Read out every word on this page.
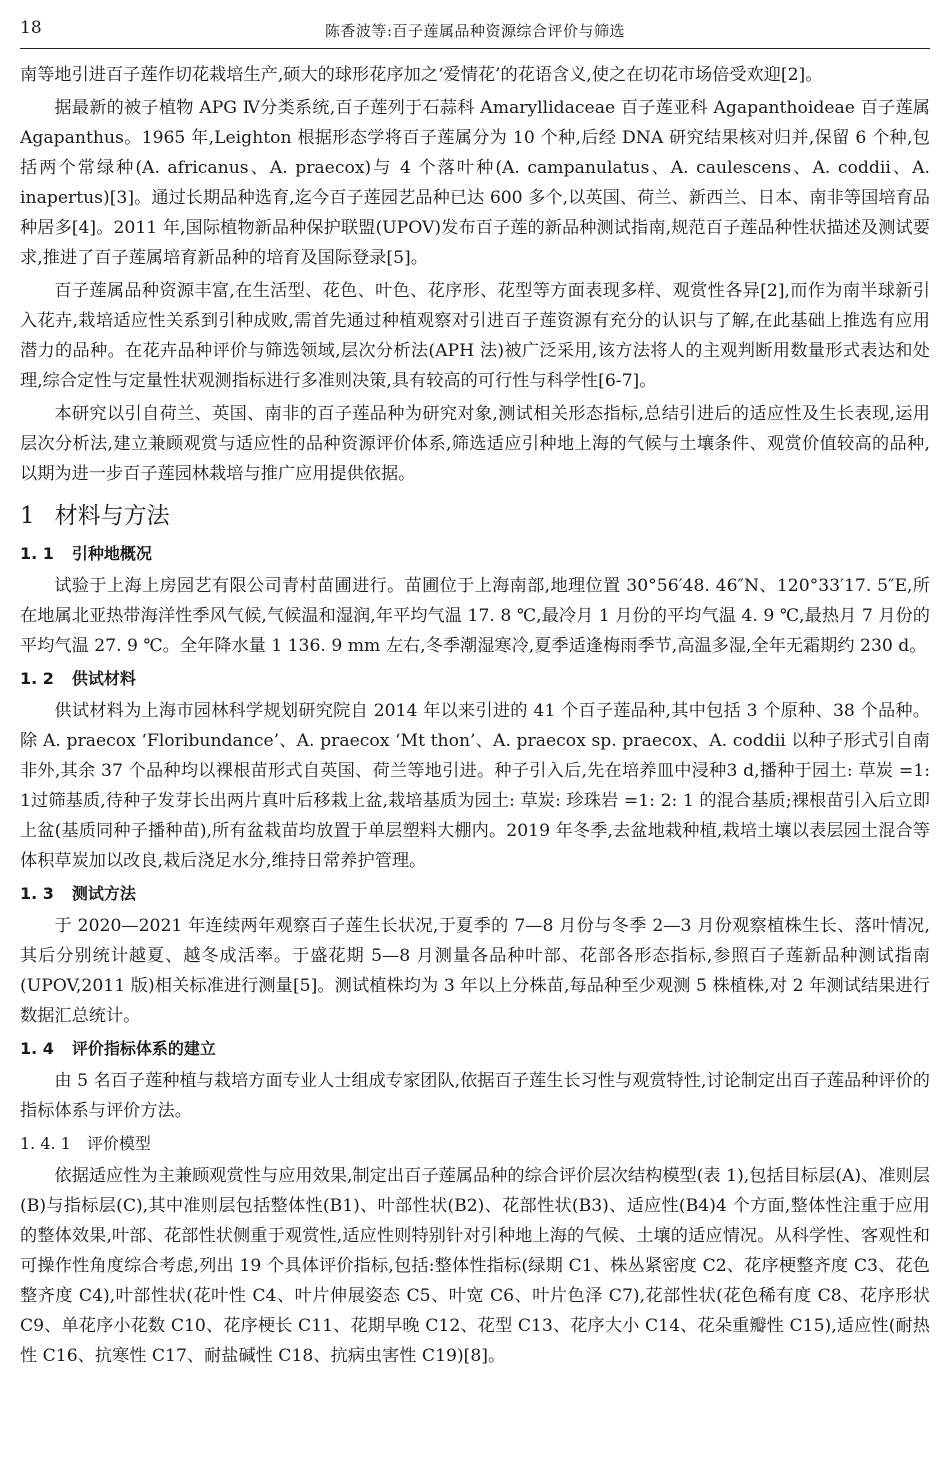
18	陈香波等:百子莲属品种资源综合评价与筛选

南等地引进百子莲作切花栽培生产,硕大的球形花序加之‘爱情花’的花语含义,使之在切花市场倍受欢迎[2]。

据最新的被子植物 APG Ⅳ分类系统,百子莲列于石蒜科 Amaryllidaceae 百子莲亚科 Agapanthoideae 百子莲属 Agapanthus。1965 年,Leighton 根据形态学将百子莲属分为 10 个种,后经 DNA 研究结果核对归并,保留 6 个种,包括两个常绿种(A. africanus、A. praecox)与 4 个落叶种(A. campanulatus、A. caulescens、A. coddii、A. inapertus)[3]。通过长期品种选育,迄今百子莲园艺品种已达 600 多个,以英国、荷兰、新西兰、日本、南非等国培育品种居多[4]。2011 年,国际植物新品种保护联盟(UPOV)发布百子莲的新品种测试指南,规范百子莲品种性状描述及测试要求,推进了百子莲属培育新品种的培育及国际登录[5]。

百子莲属品种资源丰富,在生活型、花色、叶色、花序形、花型等方面表现多样、观赏性各异[2],而作为南半球新引入花卉,栽培适应性关系到引种成败,需首先通过种植观察对引进百子莲资源有充分的认识与了解,在此基础上推选有应用潜力的品种。在花卉品种评价与筛选领域,层次分析法(APH 法)被广泛采用,该方法将人的主观判断用数量形式表达和处理,综合定性与定量性状观测指标进行多准则决策,具有较高的可行性与科学性[6-7]。

本研究以引自荷兰、英国、南非的百子莲品种为研究对象,测试相关形态指标,总结引进后的适应性及生长表现,运用层次分析法,建立兼顾观赏与适应性的品种资源评价体系,筛选适应引种地上海的气候与土壤条件、观赏价值较高的品种,以期为进一步百子莲园林栽培与推广应用提供依据。

1 材料与方法
1. 1 引种地概况

试验于上海上房园艺有限公司青村苗圃进行。苗圃位于上海南部,地理位置 30°56′48. 46″N、120°33′17. 5″E,所在地属北亚热带海洋性季风气候,气候温和湿润,年平均气温 17. 8 ℃,最冷月 1 月份的平均气温 4. 9 ℃,最热月 7 月份的平均气温 27. 9 ℃。全年降水量 1 136. 9 mm 左右,冬季潮湿寒冷,夏季适逢梅雨季节,高温多湿,全年无霜期约 230 d。

1. 2 供试材料

供试材料为上海市园林科学规划研究院自 2014 年以来引进的 41 个百子莲品种,其中包括 3 个原种、38 个品种。除 A. praecox ‘Floribundance’、A. praecox ‘Mt thon’、A. praecox sp. praecox、A. coddii 以种子形式引自南非外,其余 37 个品种均以裸根苗形式自英国、荷兰等地引进。种子引入后,先在培养皿中浸种3 d,播种于园土: 草炭 =1: 1过筛基质,待种子发芽长出两片真叶后移栽上盆,栽培基质为园土: 草炭: 珍珠岩 =1: 2: 1 的混合基质;裸根苗引入后立即上盆(基质同种子播种苗),所有盆栽苗均放置于单层塑料大棚内。2019 年冬季,去盆地栽种植,栽培土壤以表层园土混合等体积草炭加以改良,栽后浇足水分,维持日常养护管理。

1. 3 测试方法

于 2020—2021 年连续两年观察百子莲生长状况,于夏季的 7—8 月份与冬季 2—3 月份观察植株生长、落叶情况,其后分别统计越夏、越冬成活率。于盛花期 5—8 月测量各品种叶部、花部各形态指标,参照百子莲新品种测试指南(UPOV,2011 版)相关标准进行测量[5]。测试植株均为 3 年以上分株苗,每品种至少观测 5 株植株,对 2 年测试结果进行数据汇总统计。

1. 4 评价指标体系的建立

由 5 名百子莲种植与栽培方面专业人士组成专家团队,依据百子莲生长习性与观赏特性,讨论制定出百子莲品种评价的指标体系与评价方法。

1. 4. 1 评价模型

依据适应性为主兼顾观赏性与应用效果,制定出百子莲属品种的综合评价层次结构模型(表 1),包括目标层(A)、准则层(B)与指标层(C),其中准则层包括整体性(B1)、叶部性状(B2)、花部性状(B3)、适应性(B4)4 个方面,整体性注重于应用的整体效果,叶部、花部性状侧重于观赏性,适应性则特别针对引种地上海的气候、土壤的适应情况。从科学性、客观性和可操作性角度综合考虑,列出 19 个具体评价指标,包括:整体性指标(绿期 C1、株丛紧密度 C2、花序梗整齐度 C3、花色整齐度 C4),叶部性状(花叶性 C4、叶片伸展姿态 C5、叶宽 C6、叶片色泽 C7),花部性状(花色稀有度 C8、花序形状 C9、单花序小花数 C10、花序梗长 C11、花期早晚 C12、花型 C13、花序大小 C14、花朵重瓣性 C15),适应性(耐热性 C16、抗寒性 C17、耐盐碱性 C18、抗病虫害性 C19)[8]。
